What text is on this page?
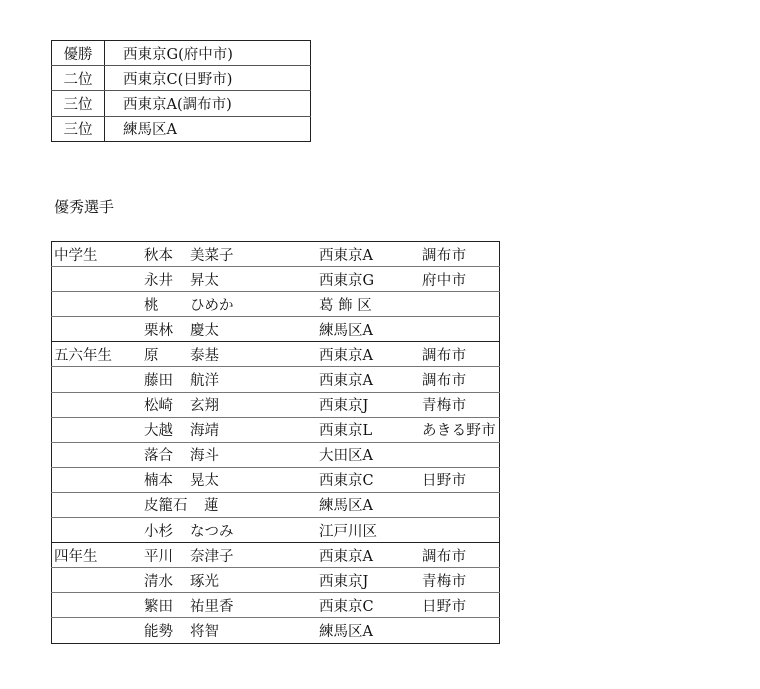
優勝	西東京G(府中市)
二位	西東京C(日野市)
三位	西東京A(調布市)
三位	練馬区A
優秀選手
中学生	秋本 美菜子	西東京A	調布市
	永井 昇太	西東京G	府中市
	桃 ひめか	葛 飾 区	
	栗林 慶太	練馬区A	
五六年生	原 泰基	西東京A	調布市
	藤田 航洋	西東京A	調布市
	松崎 玄翔	西東京J	青梅市
	大越 海靖	西東京L	あきる野市
	落合 海斗	大田区A	
	楠本 晃太	西東京C	日野市
	皮籠石 蓮	練馬区A	
	小杉 なつみ	江戸川区	
四年生	平川 奈津子	西東京A	調布市
	清水 琢光	西東京J	青梅市
	繁田 祐里香	西東京C	日野市
	能勢 将智	練馬区A	
